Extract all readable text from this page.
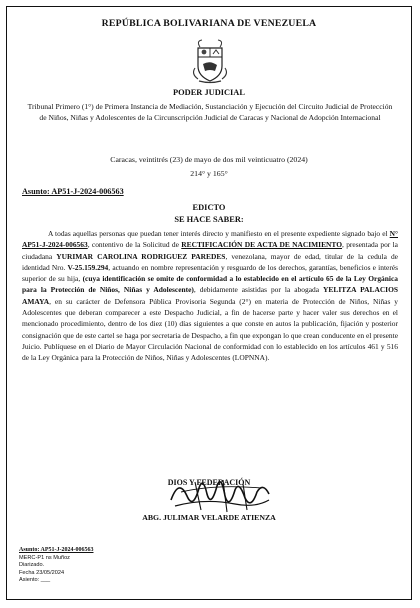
REPÚBLICA BOLIVARIANA DE VENEZUELA
PODER JUDICIAL
Tribunal Primero (1°) de Primera Instancia de Mediación, Sustanciación y Ejecución del Circuito Judicial de Protección de Niños, Niñas y Adolescentes de la Circunscripción Judicial de Caracas y Nacional de Adopción Internacional
Caracas, veintitrés (23) de mayo de dos mil veinticuatro (2024)
214° y 165°
Asunto: AP51-J-2024-006563
EDICTO
SE HACE SABER:

A todas aquellas personas que puedan tener interés directo y manifiesto en el presente expediente signado bajo el N° AP51-J-2024-006563, contentivo de la Solicitud de RECTIFICACIÓN DE ACTA DE NACIMIENTO, presentada por la ciudadana YURIMAR CAROLINA RODRIGUEZ PAREDES, venezolana, mayor de edad, titular de la cedula de identidad Nro. V-25.159.294, actuando en nombre representación y resguardo de los derechos, garantías, beneficios e interés superior de su hija, (cuya identificación se omite de conformidad a lo establecido en el artículo 65 de la Ley Orgánica para la Protección de Niños, Niñas y Adolescente), debidamente asistidas por la abogada YELITZA PALACIOS AMAYA, en su carácter de Defensora Pública Provisoria Segunda (2°) en materia de Protección de Niños, Niñas y Adolescentes que deberan comparecer a este Despacho Judicial, a fin de hacerse parte y hacer valer sus derechos en el mencionado procedimiento, dentro de los diez (10) días siguientes a que conste en autos la publicación, fijación y posterior consignación que de este cartel se haga por secretaria de Despacho, a fin que expongan lo que crean conducente en el presente Juicio. Publíquese en el Diario de Mayor Circulación Nacional de conformidad con lo establecido en los artículos 461 y 516 de la Ley Orgánica para la Protección de Niños, Niñas y Adolescentes (LOPNNA).

DIOS Y FEDERACIÓN
ABG. JULIMAR VELARDE ATIENZA
Asunto: AP51-J-2024-006563
MERC-P1 ns Muñoz
Diarizado.
Fecha 23/05/2024
Asiento: ___
